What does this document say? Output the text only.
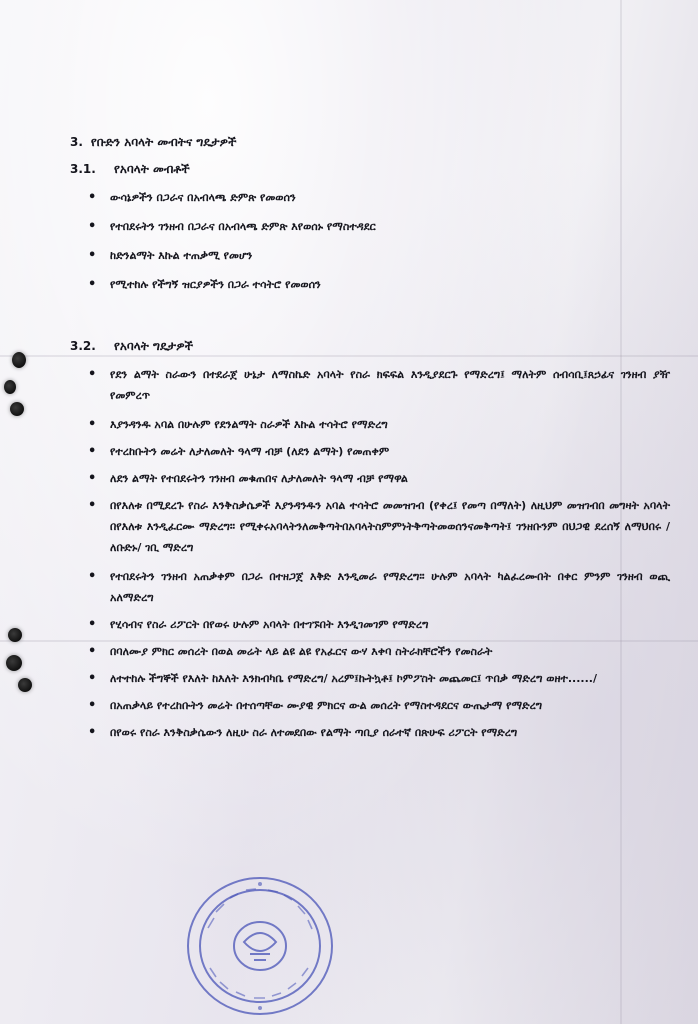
3. የቡድን አባላት መብትና ግዴታዎች
3.1. የአባላት መብቶች
• ውሳኔዎችን በጋራና በአብላጫ ድምጽ የመወሰን
• የተበደሩትን ገንዘብ በጋራና በአብላጫ ድምጽ እየወሰኑ የማስተዳደር
• ከድንልማት እኩል ተጠቃሚ የመሆን
• የሚተከሉ የችግኝ ዝርያዎችን በጋራ ተሳትሮ የመወሰን
3.2. የአባላት ግዴታዎች
• የደን ልማት ስራውን በተደራጀ ሁኔታ ለማስኬድ አባላት የስራ ክፍፍል እንዲያደርጉ የማድረግ፤ ማለትም ሰብሳቢ፤ጸኃፊና ገንዘብ ያዥ የመምረጥ
• እያንዳንዱ አባል በሁሉም የደንልማት ስራዎች እኩል ተሳትሮ የማድረግ
• የተረከቡትን መሬት ለታለመለት ዓላማ ብቻ (ለደን ልማት) የመጠቀም
• ለደን ልማት የተበደሩትን ገንዘብ መቁጠበና ለታለመለት ዓላማ ብቻ የማዋል
• በየእለቱ በሚደረጉ የስራ እንቅስቃሴዎች እያንዳንዱን አባል ተሳትሮ መመዝገብ (የቀረ፤ የመጣ በማለት) ለዚህም መዝገብበ መግዛት አባላት በየእለቱ እንዲፈርሙ ማድረግ። የሚቀሩአባላትንለመቅጣትበአባላትስምምነትቅጣትመወሰንናመቅጣት፤ ገንዘቡንም በህጋዊ ደረሰኝ ለማህበሩ /ለቡድኑ/ ገቢ ማድረግ
• የተበደሩትን ገንዘብ አጠቃቀም በጋራ በተዘጋጀ እቅድ እንዲመራ የማድረግ። ሁሉም አባላት ካልፈረሙበት በቀር ምንም ገንዘብ ወጪ አለማድረግ
• የሂሳብና የስራ ሪፖርት በየወሩ ሁሉም አባላት በተገኙበት እንዲገመገም የማድረግ
• በባለሙያ ምክር መሰረት በወል መሬት ላይ ልዩ ልዩ የአፈርና ውሃ እቀባ ስትራክቸሮችን የመስራት
• ለተተከሉ ችግኞች የእለት ከእለት እንክብካቤ የማድረግ/ አረም፤ኩትኳቶ፤ ኮምፖስት መጨመር፤ ጥበቃ ማድረግ ወዘተ....../
• በአጠቃላይ የተረከቡትን መሬት በተሰጣቸው ሙያዊ ምክርና ውል መሰረት የማስተዳደርና ውጤታማ የማድረግ
• በየወሩ የስራ እንቅስቃሴውን ለዚሁ ስራ ለተመደበው የልማት ጣቢያ ሰራተኛ በጽሁፍ ሪፖርት የማድረግ
